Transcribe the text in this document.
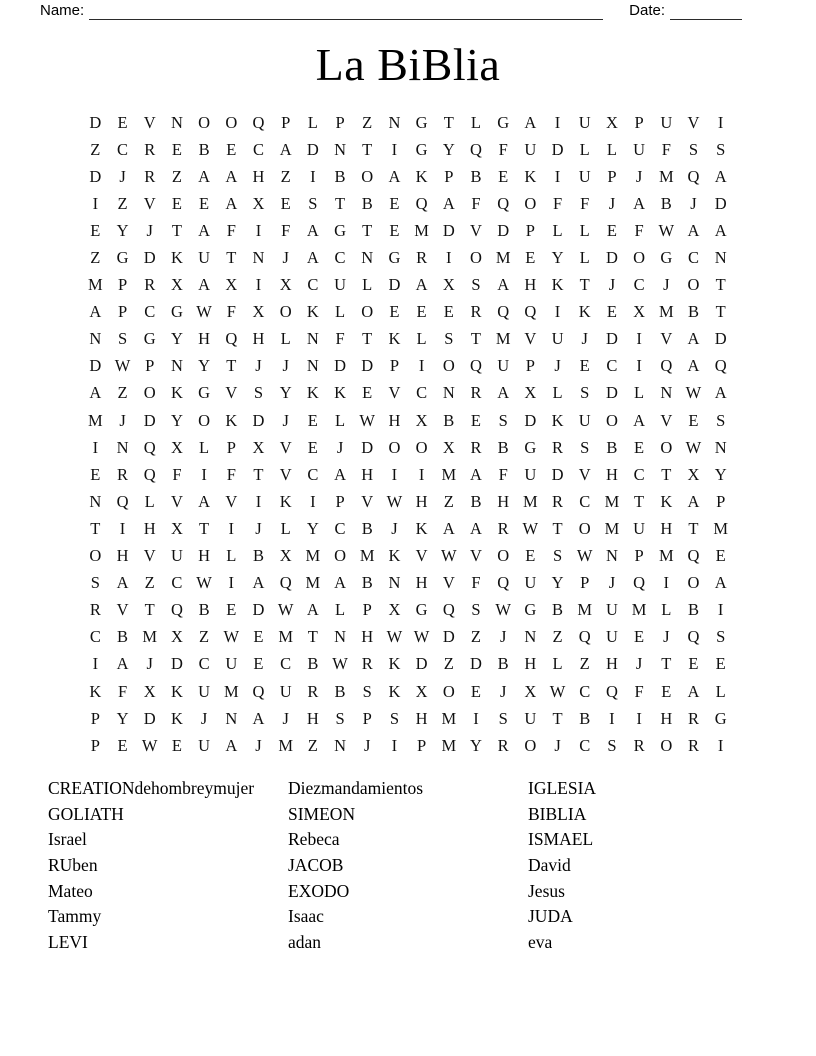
Name:	Date:
La BiBlia
D E V N O O Q	P	L	P	Z N G T	L G A	I	U X	P	U V	I
Z	C R	E	B	E	C A D N T	I	G Y Q	F	U D L	L U	F	S	S
D	J	R	Z A A H Z	I	B O A K	P	B	E K	I	U	P	J	M Q A
I	Z V E	E A X E	S	T	B	E Q A	F	Q O	F	F	J	A B	J	D
E Y	J	T A	F	I	F	A G T	E M D V D	P	L	L	E	F W A A
Z G D K U T N	J	A C N G R	I	O M E Y L D O G C N
M P	R X A X	I	X C U L D A X	S	A H K T	J	C	J	O T
A	P	C G W F	X O K L O E	E	E	R Q Q	I	K E X M B	T
N	S	G Y H Q H L N	F	T K L	S	T M V U	J	D	I	V A D
D W P	N Y T	J	J	N D D	P	I	O Q U	P	J	E	C	I	Q A Q
A Z O K G V	S	Y K K E V C N R A X L	S	D L N W A
M	J	D Y O K D	J	E	L W H X B	E	S	D K U O A V E	S
I	N Q X L	P	X V E	J	D O O X R B G R	S	B	E O W N
E	R Q	F	I	F	T V C A H	I	I	M A	F	U D V H C	T X Y
N Q L V A V	I	K	I	P	V W H Z	B H M R C M T K A	P
T	I	H X T	I	J	L Y C B	J	K A A R W T O M U H T M
O H V U H L	B X M O M K V W V O E	S W N	P M Q E
S	A Z	C W	I	A Q M A B N H V	F	Q U Y	P	J	Q	I	O A
R V T Q B	E D W A L	P	X G Q	S W G B M U M L	B	I
C B M X Z W E M T N H W W D Z	J	N Z Q U E	J	Q	S
I	A	J	D C U E	C B W R K D Z D B H L	Z H	J	T	E	E
K	F	X K U M Q U R B	S	K X O E	J	X W C Q	F	E A L
P	Y D K	J	N A	J	H	S	P	S	H M	I	S	U T	B	I	I	H R G
P	E W E U A	J	M Z N	J	I	P M Y R O	J	C	S	R O R	I
CREATIONdehombreymujer
GOLIATH
Israel
RUben
Mateo
Tammy
LEVI
Diezmandamientos
SIMEON
Rebeca
JACOB
EXODO
Isaac
adan
IGLESIA
BIBLIA
ISMAEL
David
Jesus
JUDA
eva
